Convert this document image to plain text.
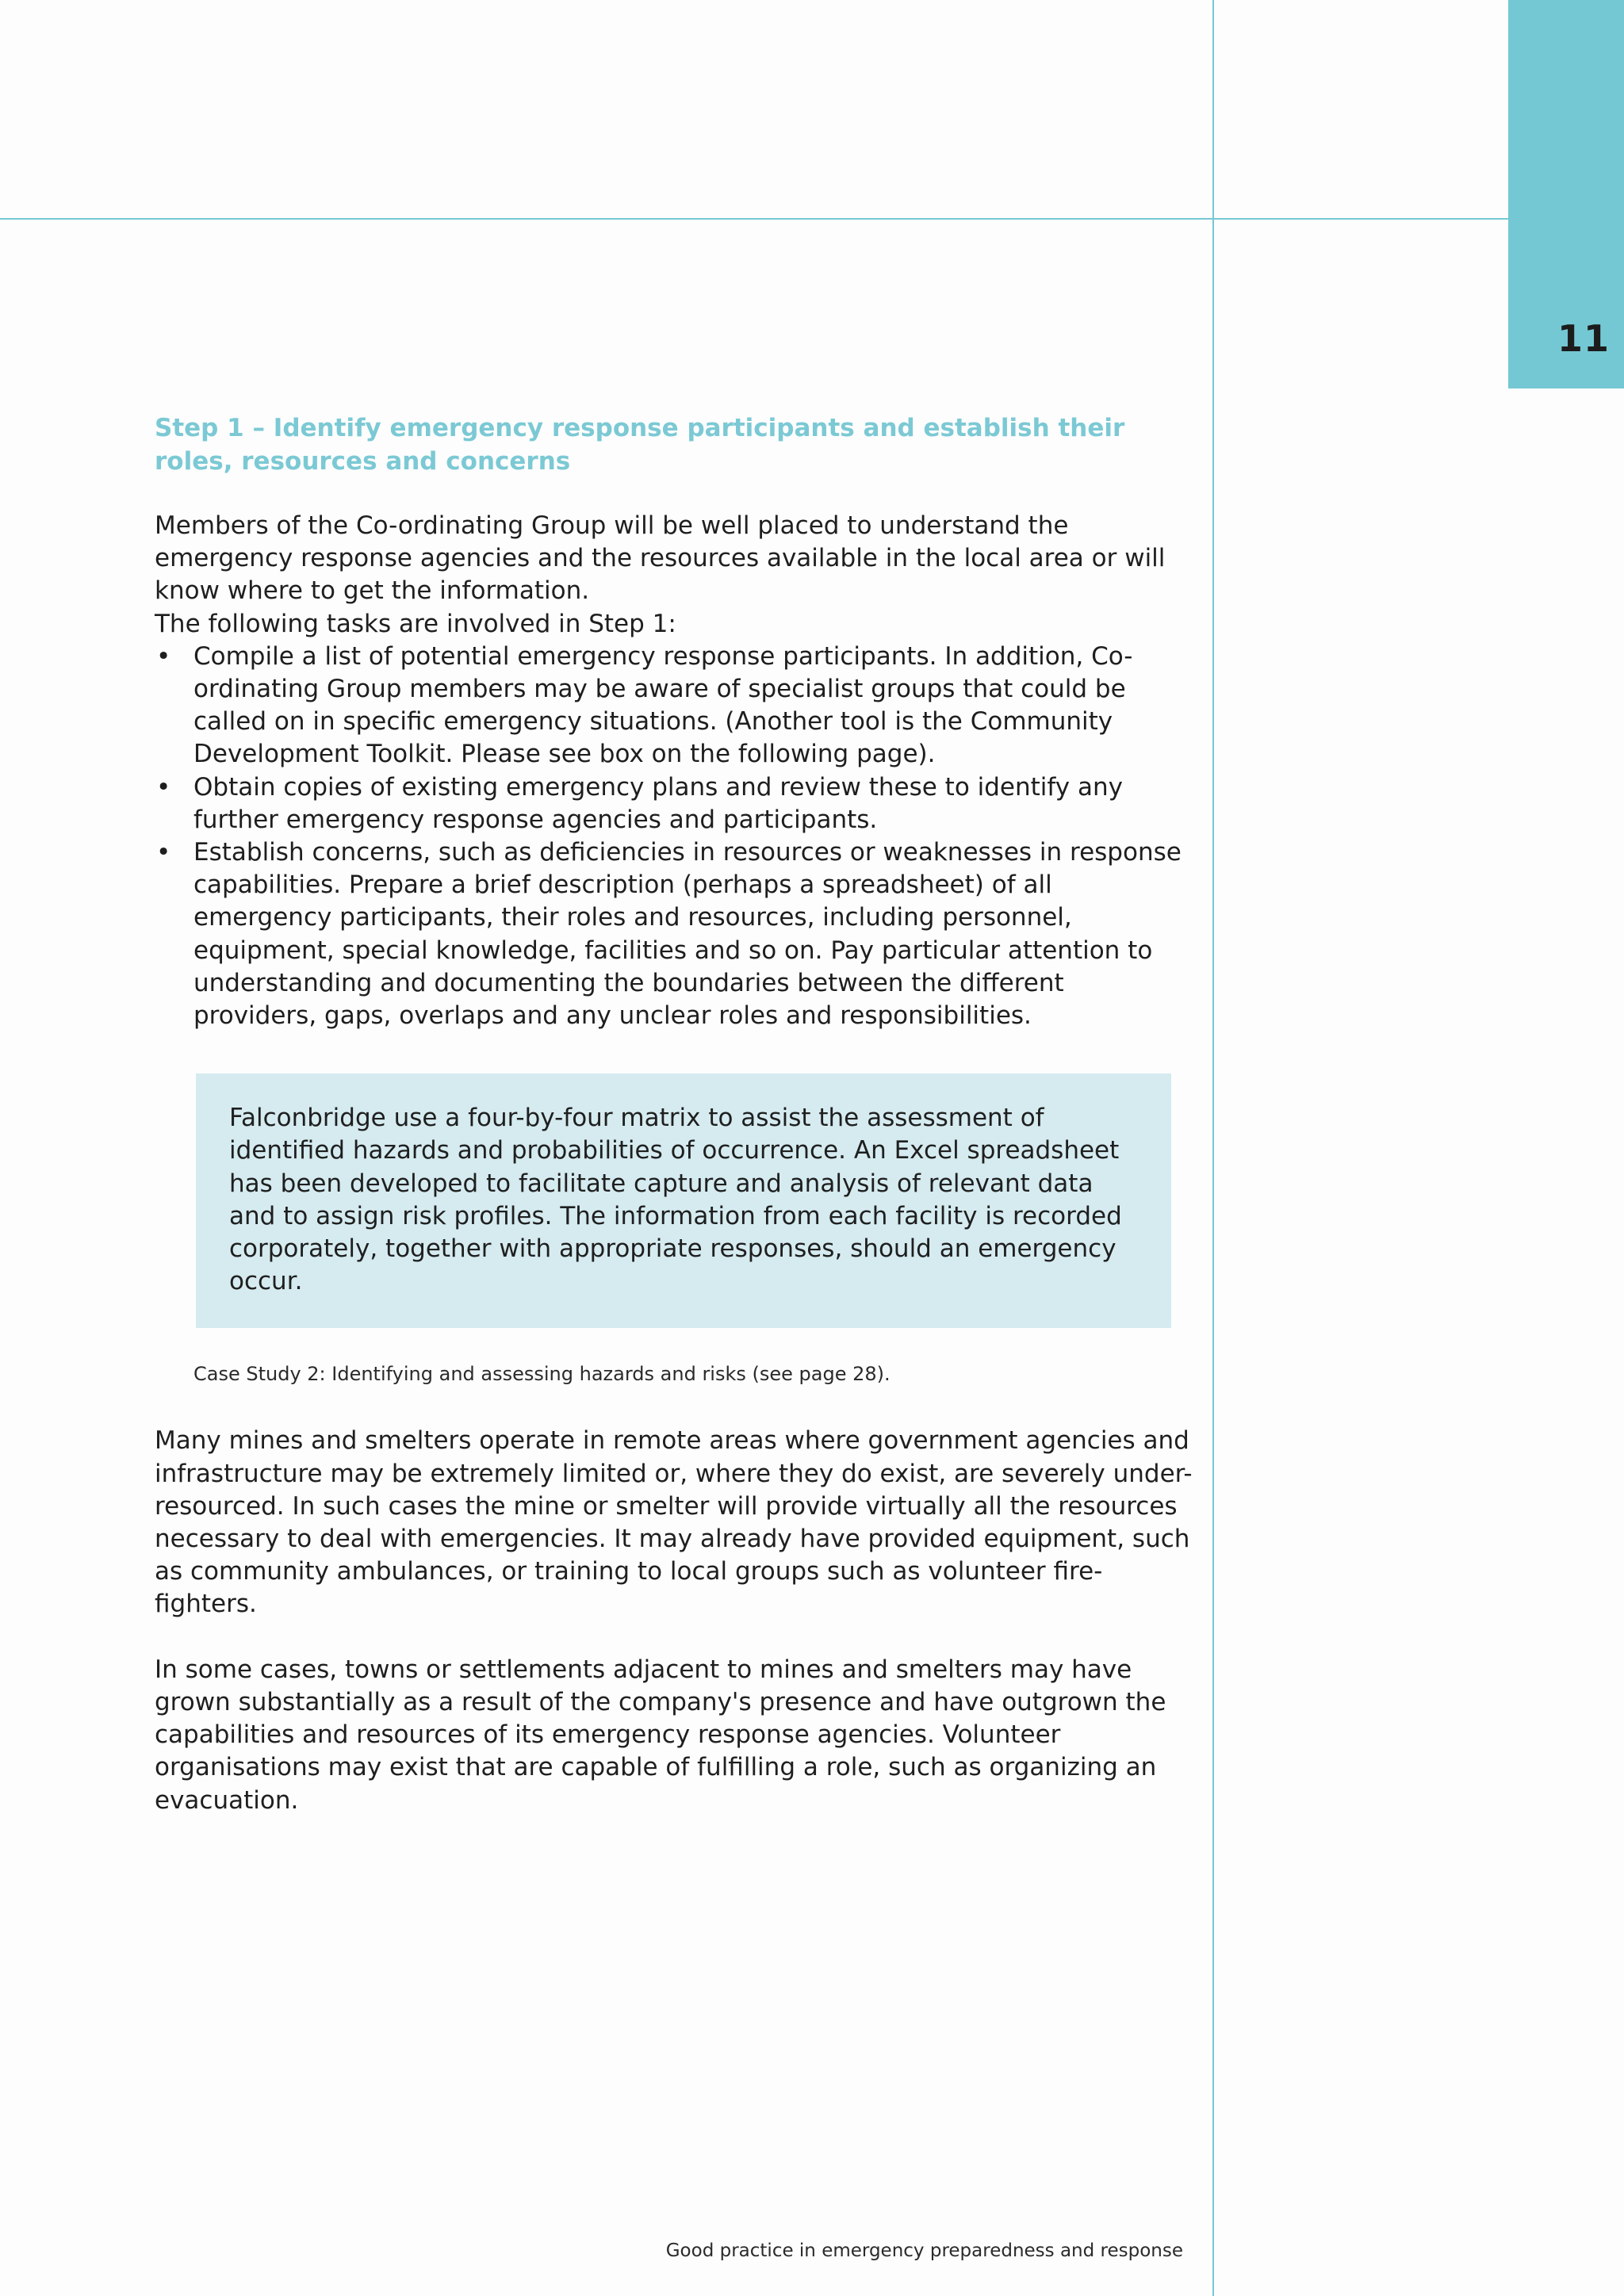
11
Step 1 – Identify emergency response participants and establish their roles, resources and concerns

Members of the Co-ordinating Group will be well placed to understand the emergency response agencies and the resources available in the local area or will know where to get the information.

The following tasks are involved in Step 1:

• Compile a list of potential emergency response participants. In addition, Co-ordinating Group members may be aware of specialist groups that could be called on in specific emergency situations. (Another tool is the Community Development Toolkit. Please see box on the following page).
• Obtain copies of existing emergency plans and review these to identify any further emergency response agencies and participants.
• Establish concerns, such as deficiencies in resources or weaknesses in response capabilities. Prepare a brief description (perhaps a spreadsheet) of all emergency participants, their roles and resources, including personnel, equipment, special knowledge, facilities and so on. Pay particular attention to understanding and documenting the boundaries between the different providers, gaps, overlaps and any unclear roles and responsibilities.

Falconbridge use a four-by-four matrix to assist the assessment of identified hazards and probabilities of occurrence. An Excel spreadsheet has been developed to facilitate capture and analysis of relevant data and to assign risk profiles. The information from each facility is recorded corporately, together with appropriate responses, should an emergency occur.

Case Study 2: Identifying and assessing hazards and risks (see page 28).

Many mines and smelters operate in remote areas where government agencies and infrastructure may be extremely limited or, where they do exist, are severely under-resourced. In such cases the mine or smelter will provide virtually all the resources necessary to deal with emergencies. It may already have provided equipment, such as community ambulances, or training to local groups such as volunteer fire-fighters.

In some cases, towns or settlements adjacent to mines and smelters may have grown substantially as a result of the company's presence and have outgrown the capabilities and resources of its emergency response agencies. Volunteer organisations may exist that are capable of fulfilling a role, such as organizing an evacuation.

Good practice in emergency preparedness and response
